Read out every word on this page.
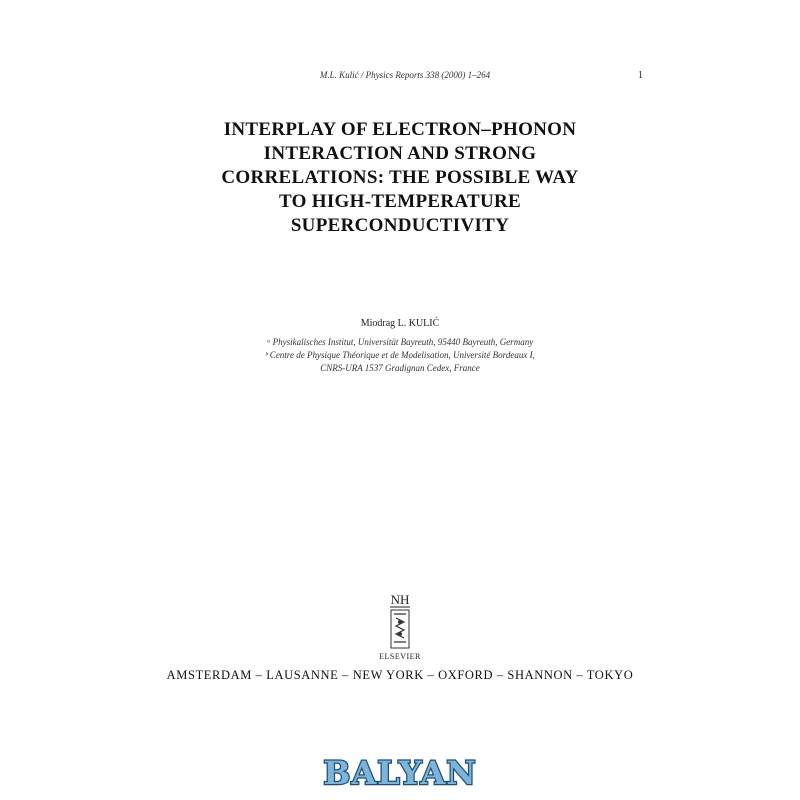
M.L. Kulić / Physics Reports 338 (2000) 1–264	1
INTERPLAY OF ELECTRON–PHONON
INTERACTION AND STRONG
CORRELATIONS: THE POSSIBLE WAY
TO HIGH-TEMPERATURE
SUPERCONDUCTIVITY
Miodrag L. KULIĆ
ᵃ Physikalisches Institut, Universität Bayreuth, 95440 Bayreuth, Germany
ᵇ Centre de Physique Théorique et de Modelisation, Université Bordeaux I,
CNRS-URA 1537 Gradignan Cedex, France
NH
ELSEVIER
AMSTERDAM – LAUSANNE – NEW YORK – OXFORD – SHANNON – TOKYO
BALYAN
